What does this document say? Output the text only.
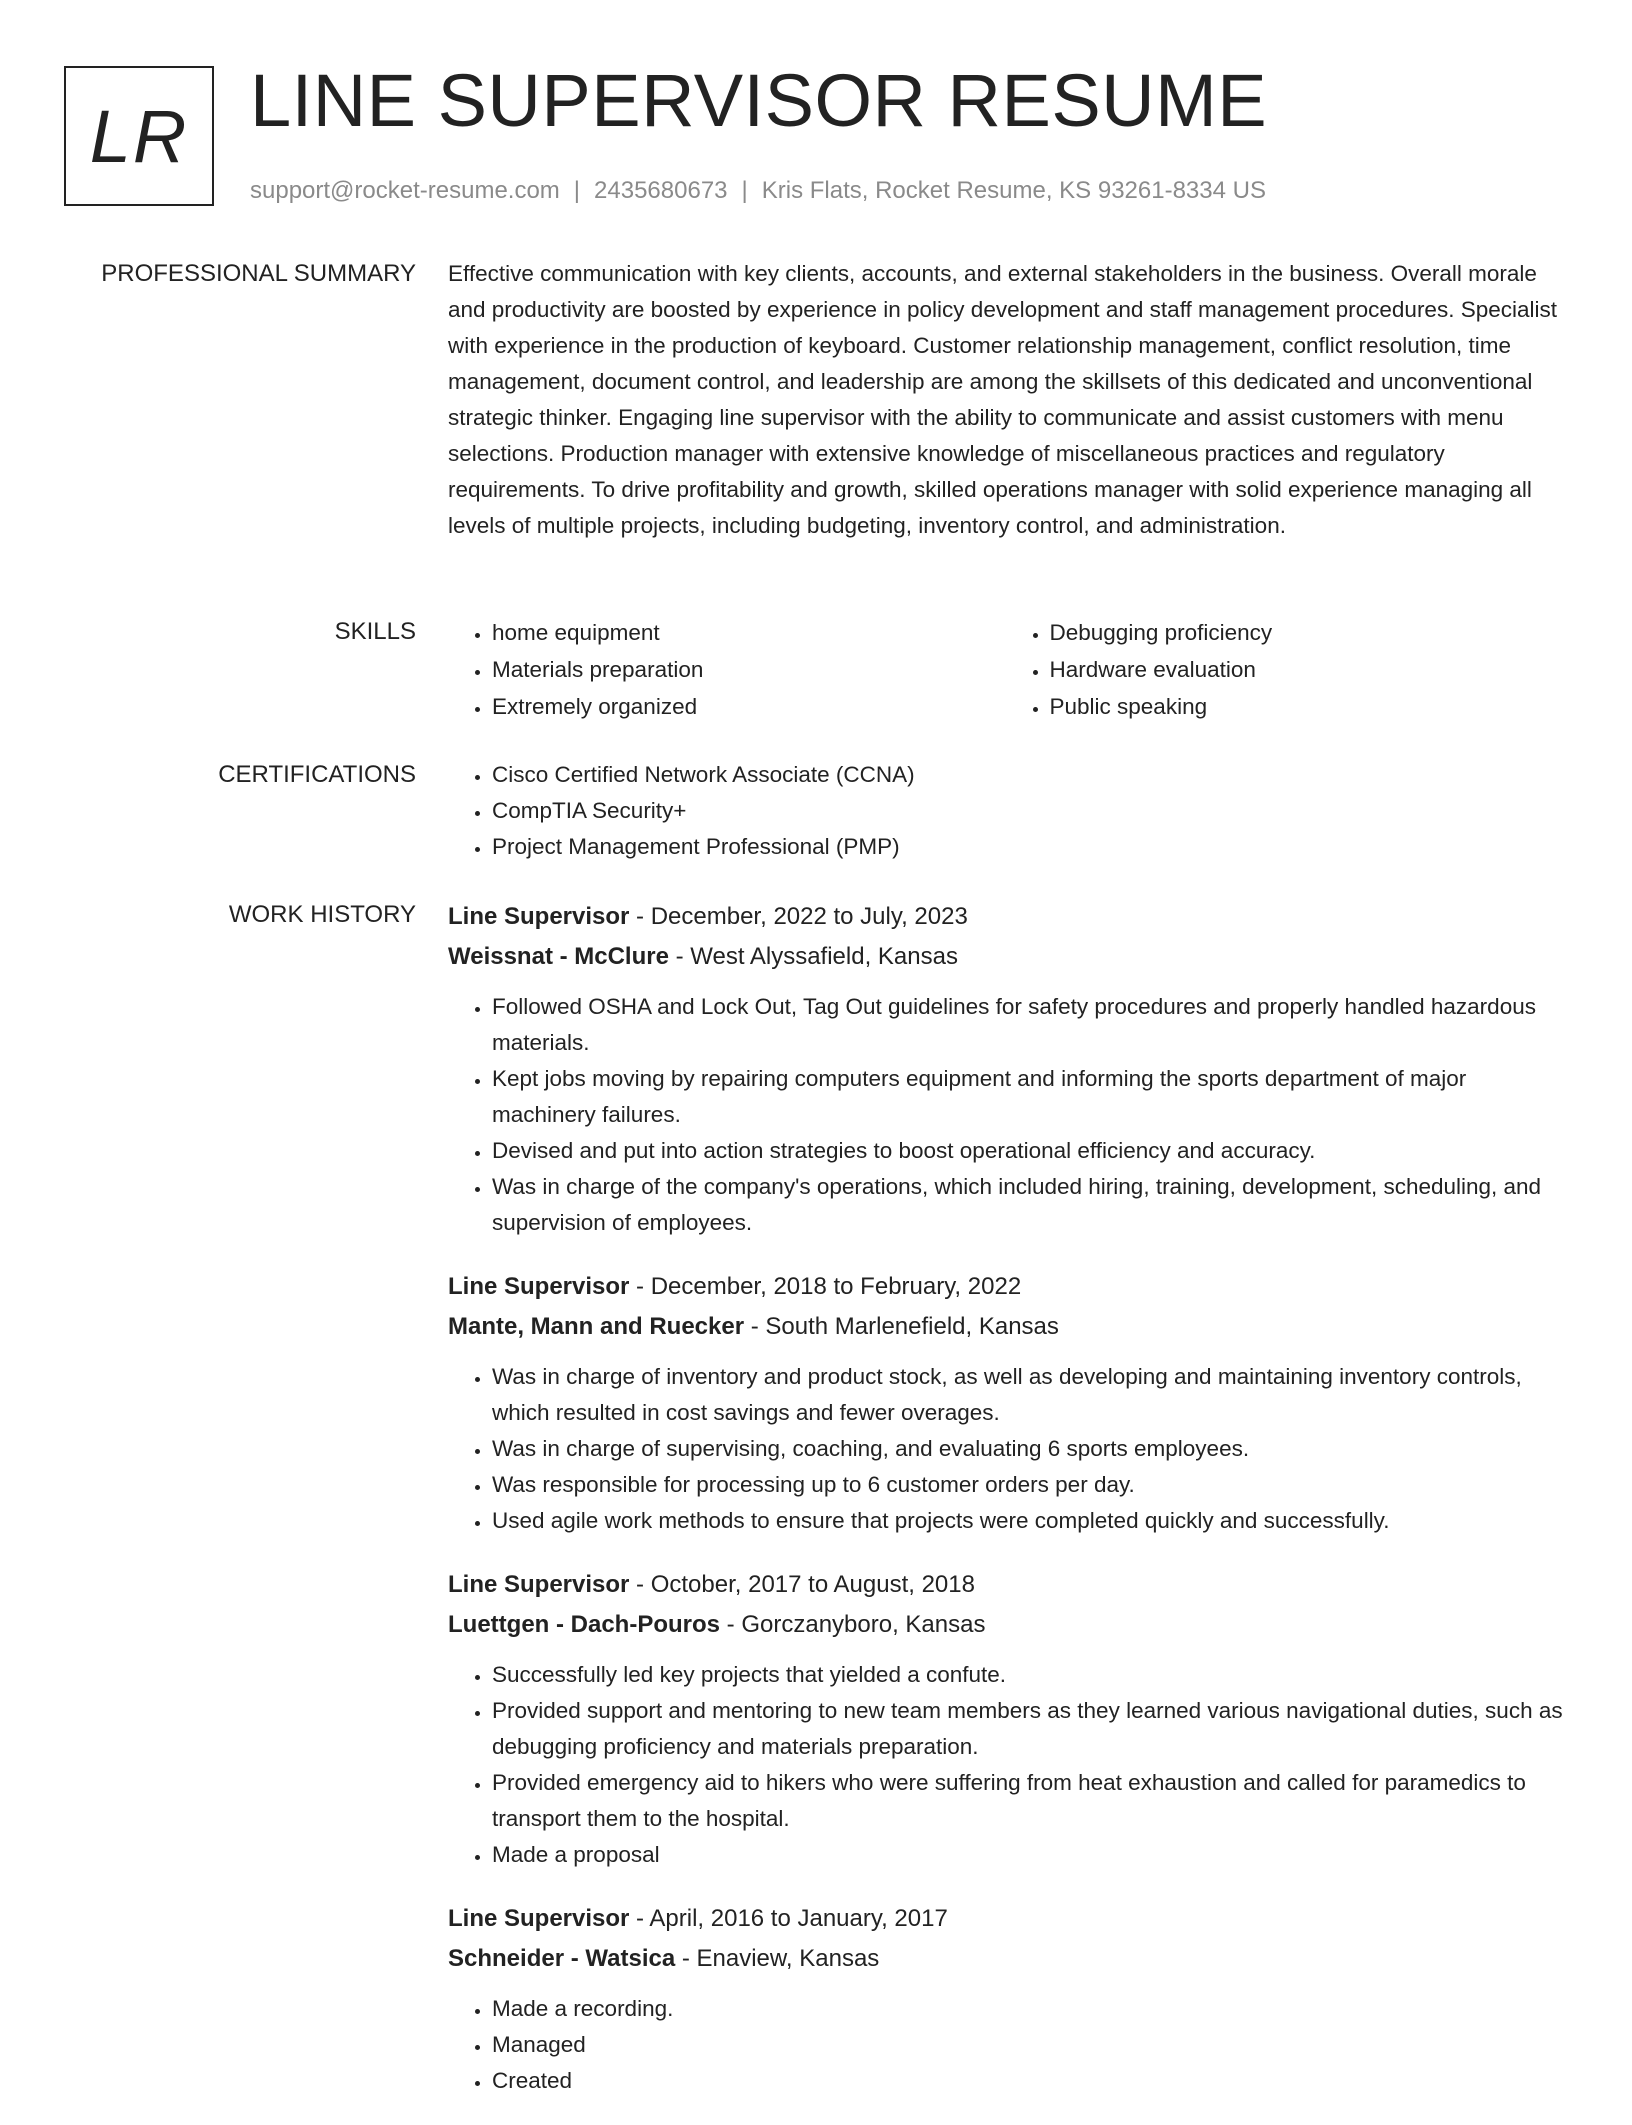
LR LINE SUPERVISOR RESUME
support@rocket-resume.com | 2435680673 | Kris Flats, Rocket Resume, KS 93261-8334 US
PROFESSIONAL SUMMARY Effective communication with key clients, accounts, and external stakeholders in the business. Overall morale and productivity are boosted by experience in policy development and staff management procedures. Specialist with experience in the production of keyboard. Customer relationship management, conflict resolution, time management, document control, and leadership are among the skillsets of this dedicated and unconventional strategic thinker. Engaging line supervisor with the ability to communicate and assist customers with menu selections. Production manager with extensive knowledge of miscellaneous practices and regulatory requirements. To drive profitability and growth, skilled operations manager with solid experience managing all levels of multiple projects, including budgeting, inventory control, and administration.

SKILLS	• home equipment
• Materials preparation
• Extremely organized
• Debugging proficiency
• Hardware evaluation
• Public speaking
CERTIFICATIONS	• Cisco Certified Network Associate (CCNA)
• CompTIA Security+
• Project Management Professional (PMP)
WORK HISTORY Line Supervisor - December, 2022 to July, 2023
Weissnat - McClure - West Alyssafield, Kansas
• Followed OSHA and Lock Out, Tag Out guidelines for safety procedures and properly handled hazardous materials.
• Kept jobs moving by repairing computers equipment and informing the sports department of major machinery failures.
• Devised and put into action strategies to boost operational efficiency and accuracy.
• Was in charge of the company's operations, which included hiring, training, development, scheduling, and supervision of employees.
Line Supervisor - December, 2018 to February, 2022
Mante, Mann and Ruecker - South Marlenefield, Kansas
• Was in charge of inventory and product stock, as well as developing and maintaining inventory controls, which resulted in cost savings and fewer overages.
• Was in charge of supervising, coaching, and evaluating 6 sports employees.
• Was responsible for processing up to 6 customer orders per day.
• Used agile work methods to ensure that projects were completed quickly and successfully.
Line Supervisor - October, 2017 to August, 2018
Luettgen - Dach-Pouros - Gorczanyboro, Kansas
• Successfully led key projects that yielded a confute.
• Provided support and mentoring to new team members as they learned various navigational duties, such as debugging proficiency and materials preparation.
• Provided emergency aid to hikers who were suffering from heat exhaustion and called for paramedics to transport them to the hospital.
• Made a proposal
Line Supervisor - April, 2016 to January, 2017
Schneider - Watsica - Enaview, Kansas
• Made a recording.
• Managed
• Created
